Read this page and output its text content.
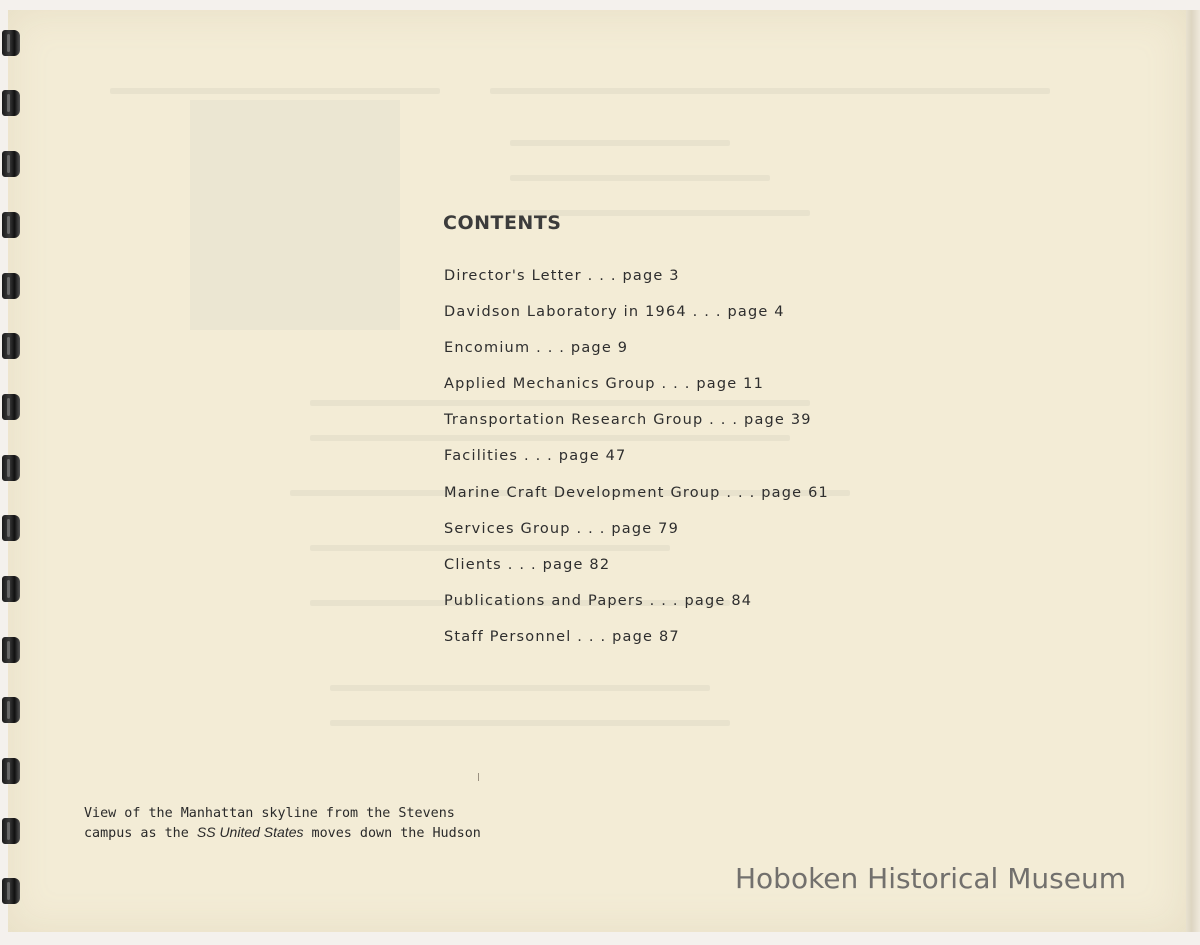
CONTENTS
Director's Letter . . . page 3
Davidson Laboratory in 1964 . . . page 4
Encomium . . . page 9
Applied Mechanics Group . . . page 11
Transportation Research Group . . . page 39
Facilities . . . page 47
Marine Craft Development Group . . . page 61
Services Group . . . page 79
Clients . . . page 82
Publications and Papers . . . page 84
Staff Personnel . . . page 87

View of the Manhattan skyline from the Stevens
campus as the SS United States moves down the Hudson

Hoboken Historical Museum
